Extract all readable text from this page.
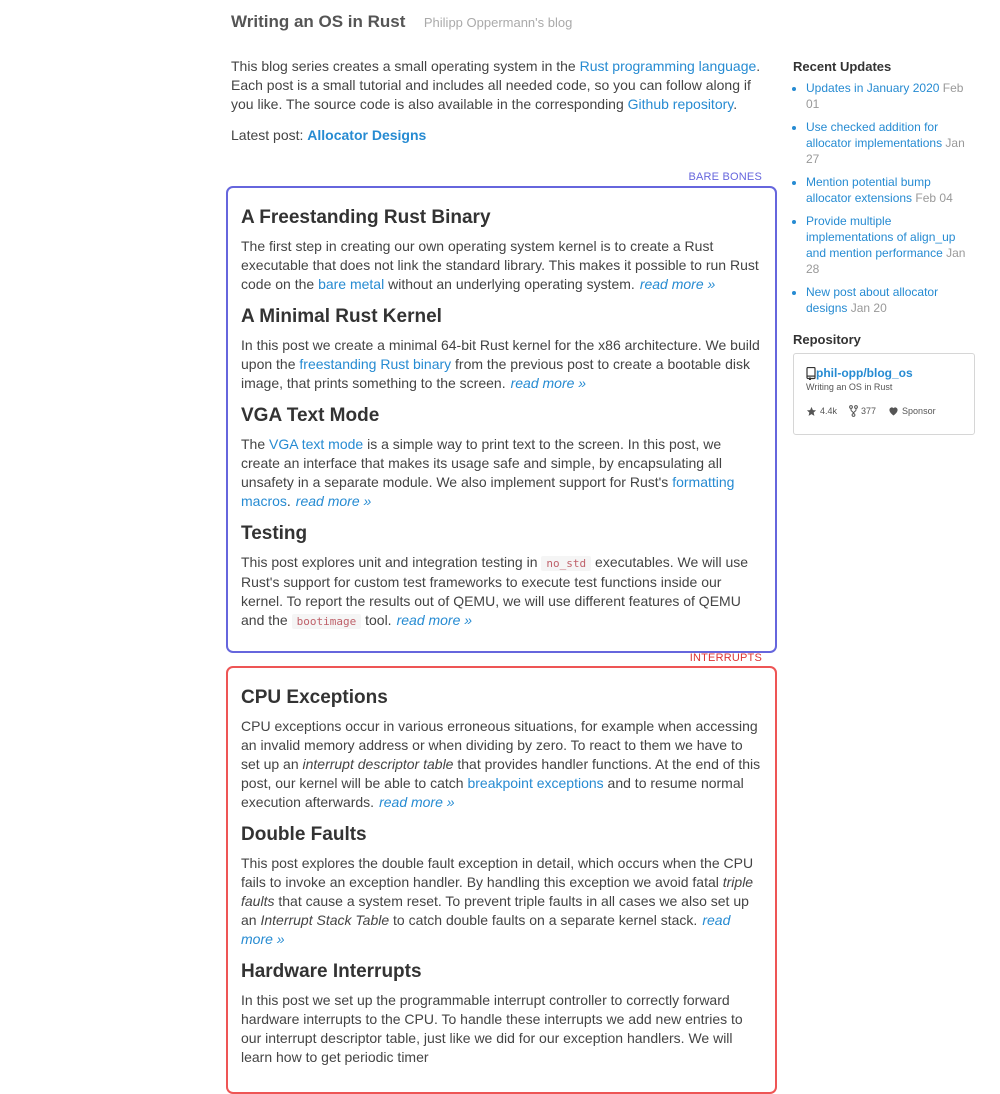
Writing an OS in Rust Philipp Oppermann's blog

This blog series creates a small operating system in the Rust programming language. Each post is a small tutorial and includes all needed code, so you can follow along if you like. The source code is also available in the corresponding Github repository.

Latest post: Allocator Designs

BARE BONES
A Freestanding Rust Binary

The first step in creating our own operating system kernel is to create a Rust executable that does not link the standard library. This makes it possible to run Rust code on the bare metal without an underlying operating system. read more »

A Minimal Rust Kernel

In this post we create a minimal 64-bit Rust kernel for the x86 architecture. We build upon the freestanding Rust binary from the previous post to create a bootable disk image, that prints something to the screen. read more »

VGA Text Mode

The VGA text mode is a simple way to print text to the screen. In this post, we create an interface that makes its usage safe and simple, by encapsulating all unsafety in a separate module. We also implement support for Rust's formatting macros. read more »

Testing

This post explores unit and integration testing in no_std executables. We will use Rust's support for custom test frameworks to execute test functions inside our kernel. To report the results out of QEMU, we will use different features of QEMU and the bootimage tool. read more »

INTERRUPTS
CPU Exceptions

CPU exceptions occur in various erroneous situations, for example when accessing an invalid memory address or when dividing by zero. To react to them we have to set up an interrupt descriptor table that provides handler functions. At the end of this post, our kernel will be able to catch breakpoint exceptions and to resume normal execution afterwards. read more »

Double Faults

This post explores the double fault exception in detail, which occurs when the CPU fails to invoke an exception handler. By handling this exception we avoid fatal triple faults that cause a system reset. To prevent triple faults in all cases we also set up an Interrupt Stack Table to catch double faults on a separate kernel stack. read more »

Hardware Interrupts

In this post we set up the programmable interrupt controller to correctly forward hardware interrupts to the CPU. To handle these interrupts we add new entries to our interrupt descriptor table, just like we did for our exception handlers. We will learn how to get periodic timer

Recent Updates
• Updates in January 2020 Feb 01
• Use checked addition for allocator implementations Jan 27
• Mention potential bump allocator extensions Feb 04
• Provide multiple implementations of align_up and mention performance Jan 28
• New post about allocator designs Jan 20
Repository
phil-opp/blog_os
Writing an OS in Rust
4.4k	377	Sponsor
